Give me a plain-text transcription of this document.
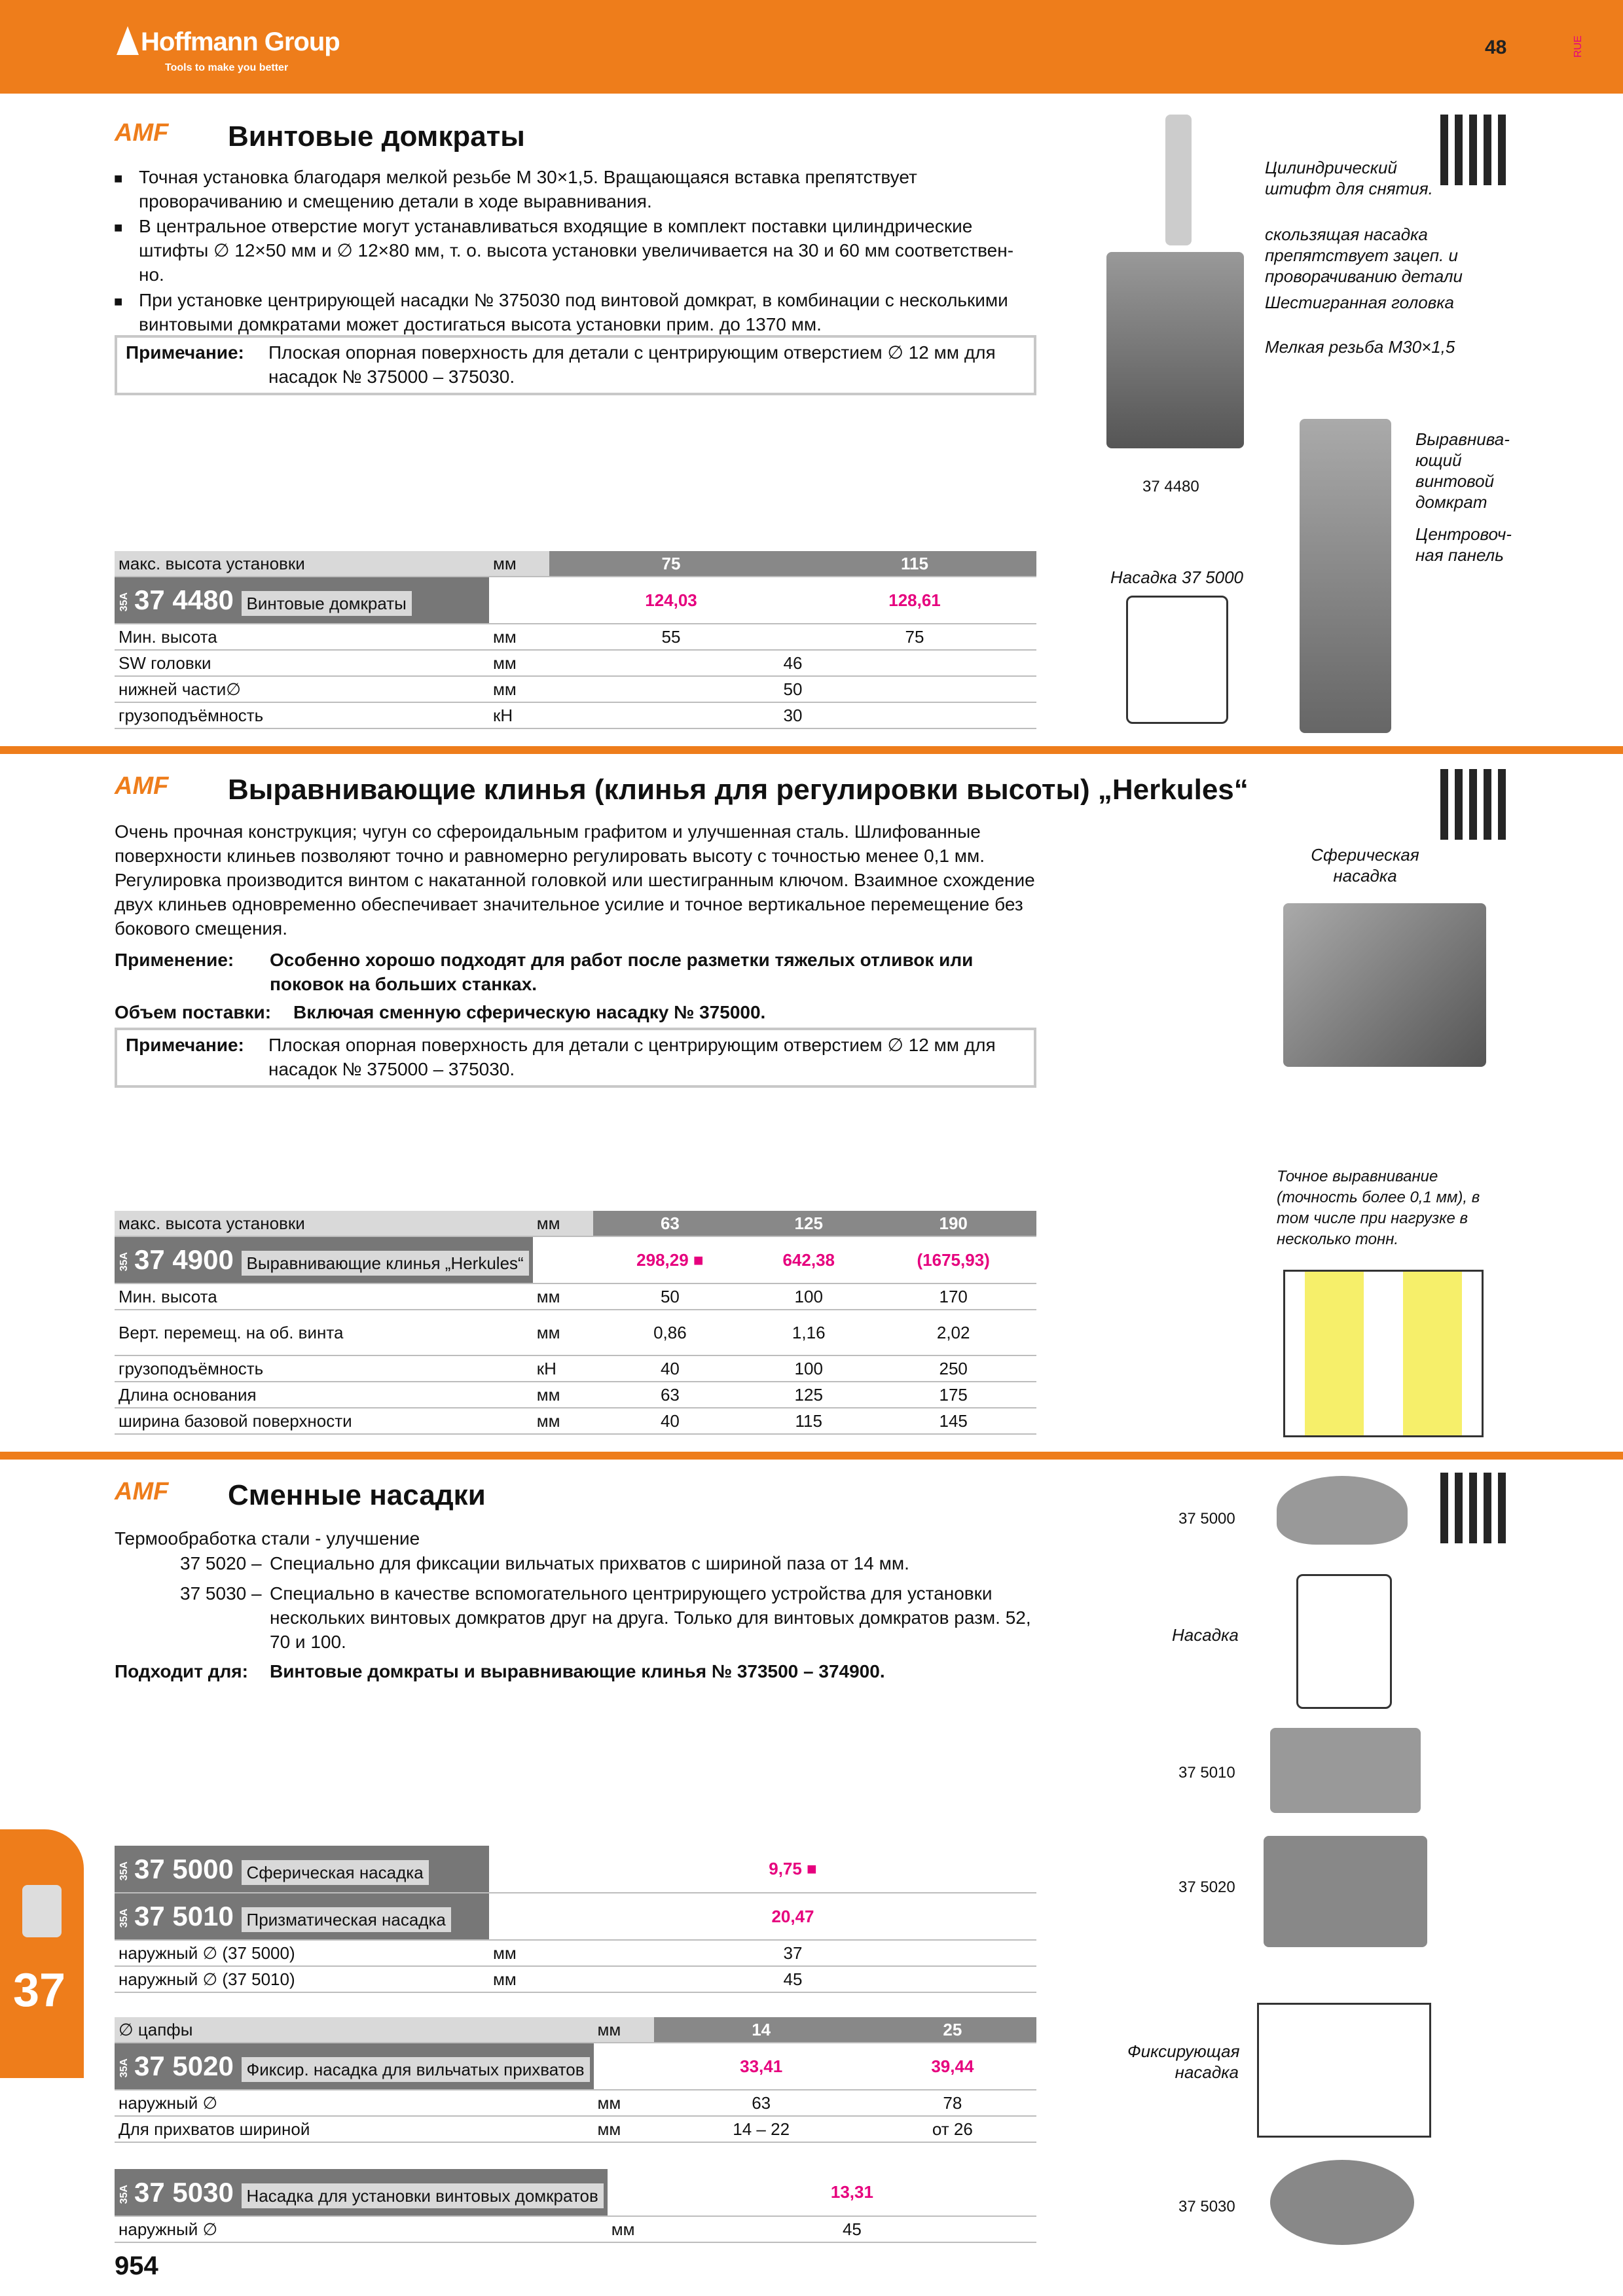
Hoffmann Group
Tools to make you better
48	RUE
AMF Винтовые домкраты
■ Точная установка благодаря мелкой резьбе M 30×1,5. Вращающаяся вставка препятствует проворачиванию и смещению детали в ходе выравнивания.
■ В центральное отверстие могут устанавливаться входящие в комплект поставки цилиндрические штифты ∅ 12×50 мм и ∅ 12×80 мм, т. о. высота установки увеличивается на 30 и 60 мм соответственно.
■ При установке центрирующей насадки № 375030 под винтовой домкрат, в комбинации с несколькими винтовыми домкратами может достигаться высота установки прим. до 1370 мм.
Примечание: Плоская опорная поверхность для детали с центрирующим отверстием ∅ 12 мм для насадок № 375000 – 375030.
Цилиндрический штифт для снятия.
скользящая насадка препятствует зацеп. и проворачиванию детали
Шестигранная головка
Мелкая резьба M30×1,5
37 4480
Выравнива-ющий винтовой домкрат
Центровоч-ная панель
Насадка 37 5000
макс. высота установки	мм	75	115
35A 37 4480 Винтовые домкраты		124,03	128,61
Мин. высота	мм	55	75
SW головки	мм	46	
нижней части∅	мм	50	
грузоподъёмность	кН	30	
AMF Выравнивающие клинья (клинья для регулировки высоты) „Herkules“
Очень прочная конструкция; чугун со сфероидальным графитом и улучшенная сталь. Шлифованные поверхности клиньев позволяют точно и равномерно регулировать высоту с точностью менее 0,1 мм. Регулировка производится винтом с накатанной головкой или шестигранным ключом. Взаимное схождение двух клиньев одновременно обеспечивает значительное усилие и точное вертикальное перемещение без бокового смещения.
Применение: Особенно хорошо подходят для работ после разметки тяжелых отливок или поковок на больших станках.
Объем поставки: Включая сменную сферическую насадку № 375000.
Примечание: Плоская опорная поверхность для детали с центрирующим отверстием ∅ 12 мм для насадок № 375000 – 375030.
Сферическая насадка
Точное выравнивание (точность более 0,1 мм), в том числе при нагрузке в несколько тонн.
макс. высота установки	мм	63	125	190
35A 37 4900 Выравнивающие клинья „Herkules“		298,29 ■	642,38	(1675,93)
Мин. высота	мм	50	100	170
Верт. перемещ. на об. винта	мм	0,86	1,16	2,02
грузоподъёмность	кН	40	100	250
Длина основания	мм	63	125	175
ширина базовой поверхности	мм	40	115	145
AMF Сменные насадки
Термообработка стали - улучшение
37 5020 – Специально для фиксации вильчатых прихватов с шириной паза от 14 мм.
37 5030 – Специально в качестве вспомогательного центрирующего устройства для установки нескольких винтовых домкратов друг на друга. Только для винтовых домкратов разм. 52, 70 и 100.
Подходит для: Винтовые домкраты и выравнивающие клинья № 373500 – 374900.
37 5000
Насадка
37 5010
37 5020
Фиксирующая насадка
37 5030
35A 37 5000 Сферическая насадка		9,75 ■
35A 37 5010 Призматическая насадка		20,47
наружный ∅ (37 5000)	мм	37
наружный ∅ (37 5010)	мм	45
∅ цапфы	мм	14	25
35A 37 5020 Фиксир. насадка для вильчатых прихватов		33,41	39,44
наружный ∅	мм	63	78
Для прихватов шириной	мм	14 – 22	от 26
35A 37 5030 Насадка для установки винтовых домкратов		13,31
наружный ∅	мм	45
37
954
